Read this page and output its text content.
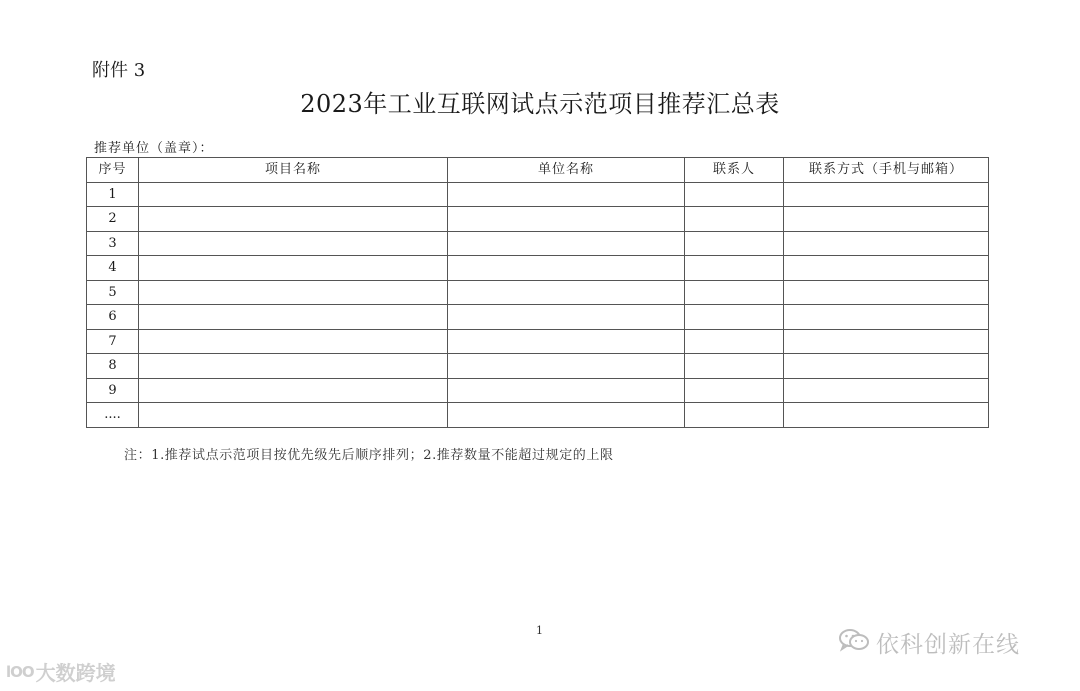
附件 3
2023年工业互联网试点示范项目推荐汇总表
推荐单位（盖章）：
序号	项目名称	单位名称	联系人	联系方式（手机与邮箱）
1				
2				
3				
4				
5				
6				
7				
8				
9				
....				
注：1.推荐试点示范项目按优先级先后顺序排列；2.推荐数量不能超过规定的上限
1
依科创新在线
lOO 大数跨境
